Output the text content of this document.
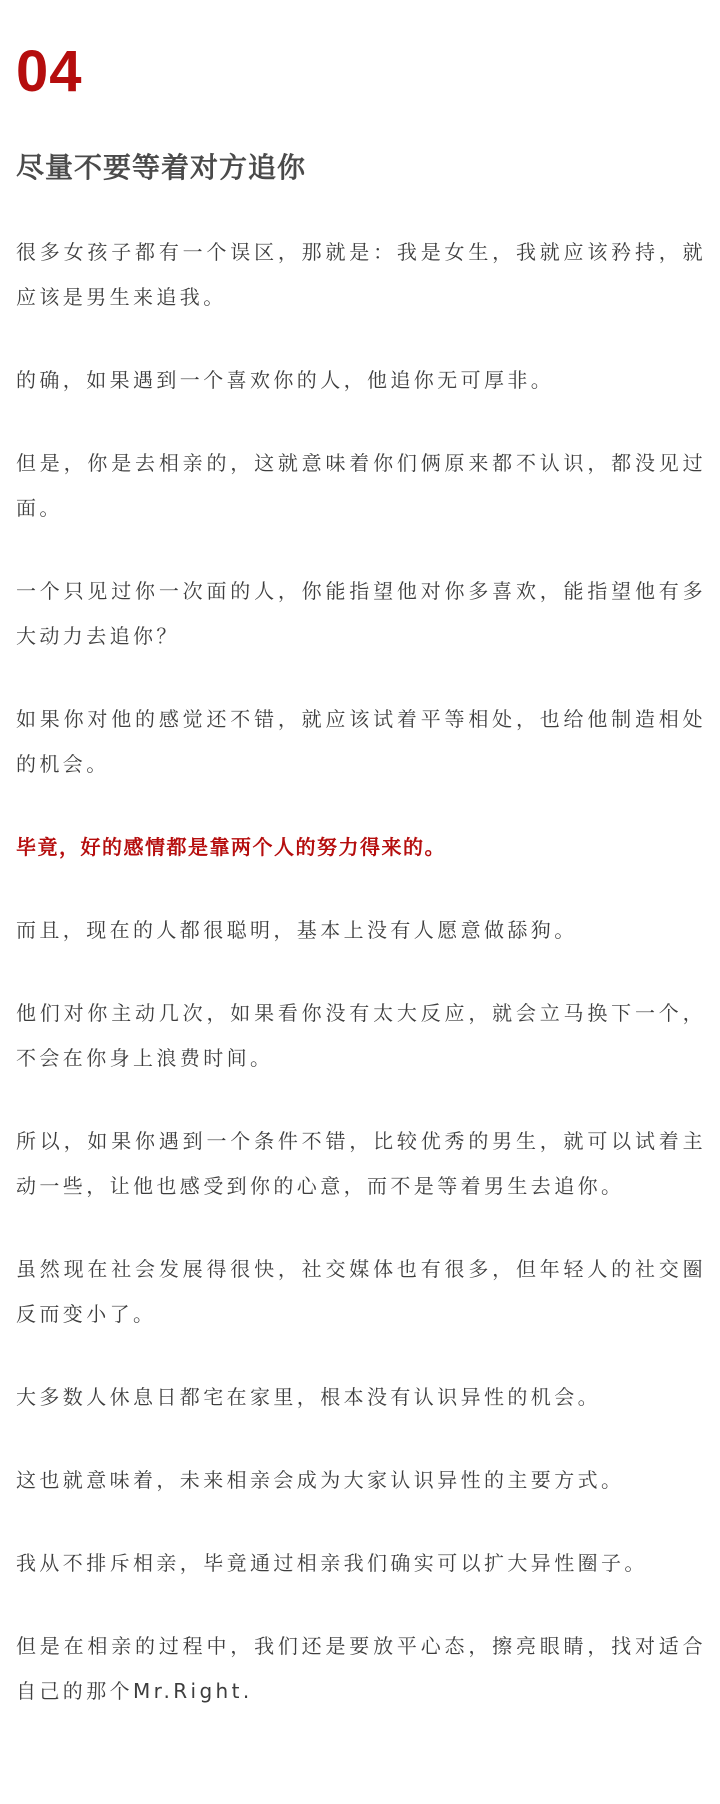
04
尽量不要等着对方追你

很多女孩子都有一个误区，那就是：我是女生，我就应该矜持，就应该是男生来追我。

的确，如果遇到一个喜欢你的人，他追你无可厚非。

但是，你是去相亲的，这就意味着你们俩原来都不认识，都没见过面。

一个只见过你一次面的人，你能指望他对你多喜欢，能指望他有多大动力去追你？

如果你对他的感觉还不错，就应该试着平等相处，也给他制造相处的机会。

毕竟，好的感情都是靠两个人的努力得来的。

而且，现在的人都很聪明，基本上没有人愿意做舔狗。

他们对你主动几次，如果看你没有太大反应，就会立马换下一个，不会在你身上浪费时间。

所以，如果你遇到一个条件不错，比较优秀的男生，就可以试着主动一些，让他也感受到你的心意，而不是等着男生去追你。

虽然现在社会发展得很快，社交媒体也有很多，但年轻人的社交圈反而变小了。

大多数人休息日都宅在家里，根本没有认识异性的机会。

这也就意味着，未来相亲会成为大家认识异性的主要方式。

我从不排斥相亲，毕竟通过相亲我们确实可以扩大异性圈子。

但是在相亲的过程中，我们还是要放平心态，擦亮眼睛，找对适合自己的那个Mr.Right.
